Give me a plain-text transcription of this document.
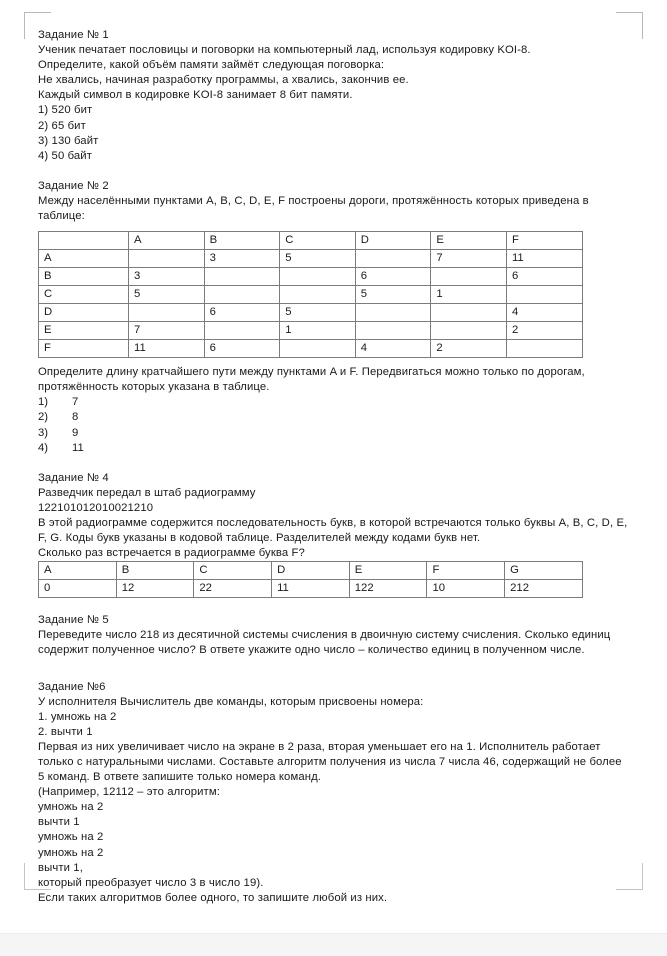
Задание № 1
Ученик печатает пословицы и поговорки на компьютерный лад, используя кодировку KOI-8.
Определите, какой объём памяти займёт следующая поговорка:
Не хвались, начиная разработку программы, а хвались, закончив ее.
Каждый символ в кодировке KOI-8 занимает 8 бит памяти.
1) 520 бит
2) 65 бит
3) 130 байт
4) 50 байт
Задание № 2
Между населёнными пунктами A, B, C, D, E, F построены дороги, протяжённость которых приведена в таблице:
	A	B	C	D	E	F
A		3	5		7	11
B	3			6		6
C	5			5	1	
D		6	5			4
E	7		1			2
F	11	6		4	2	
Определите длину кратчайшего пути между пунктами A и F. Передвигаться можно только по дорогам, протяжённость которых указана в таблице.
1) 7
2) 8
3) 9
4) 11
Задание № 4
Разведчик передал в штаб радиограмму
122101012010021210
В этой радиограмме содержится последовательность букв, в которой встречаются только буквы A, B, C, D, E, F, G. Коды букв указаны в кодовой таблице. Разделителей между кодами букв нет.
Сколько раз встречается в радиограмме буква F?
A	B	C	D	E	F	G
0	12	22	11	122	10	212
Задание № 5
Переведите число 218 из десятичной системы счисления в двоичную систему счисления. Сколько единиц содержит полученное число? В ответе укажите одно число – количество единиц в полученном числе.
Задание №6
У исполнителя Вычислитель две команды, которым присвоены номера:
1. умножь на 2
2. вычти 1
Первая из них увеличивает число на экране в 2 раза, вторая уменьшает его на 1. Исполнитель работает только с натуральными числами. Составьте алгоритм получения из числа 7 числа 46, содержащий не более 5 команд. В ответе запишите только номера команд.
(Например, 12112 – это алгоритм:
умножь на 2
вычти 1
умножь на 2
умножь на 2
вычти 1,
который преобразует число 3 в число 19).
Если таких алгоритмов более одного, то запишите любой из них.
